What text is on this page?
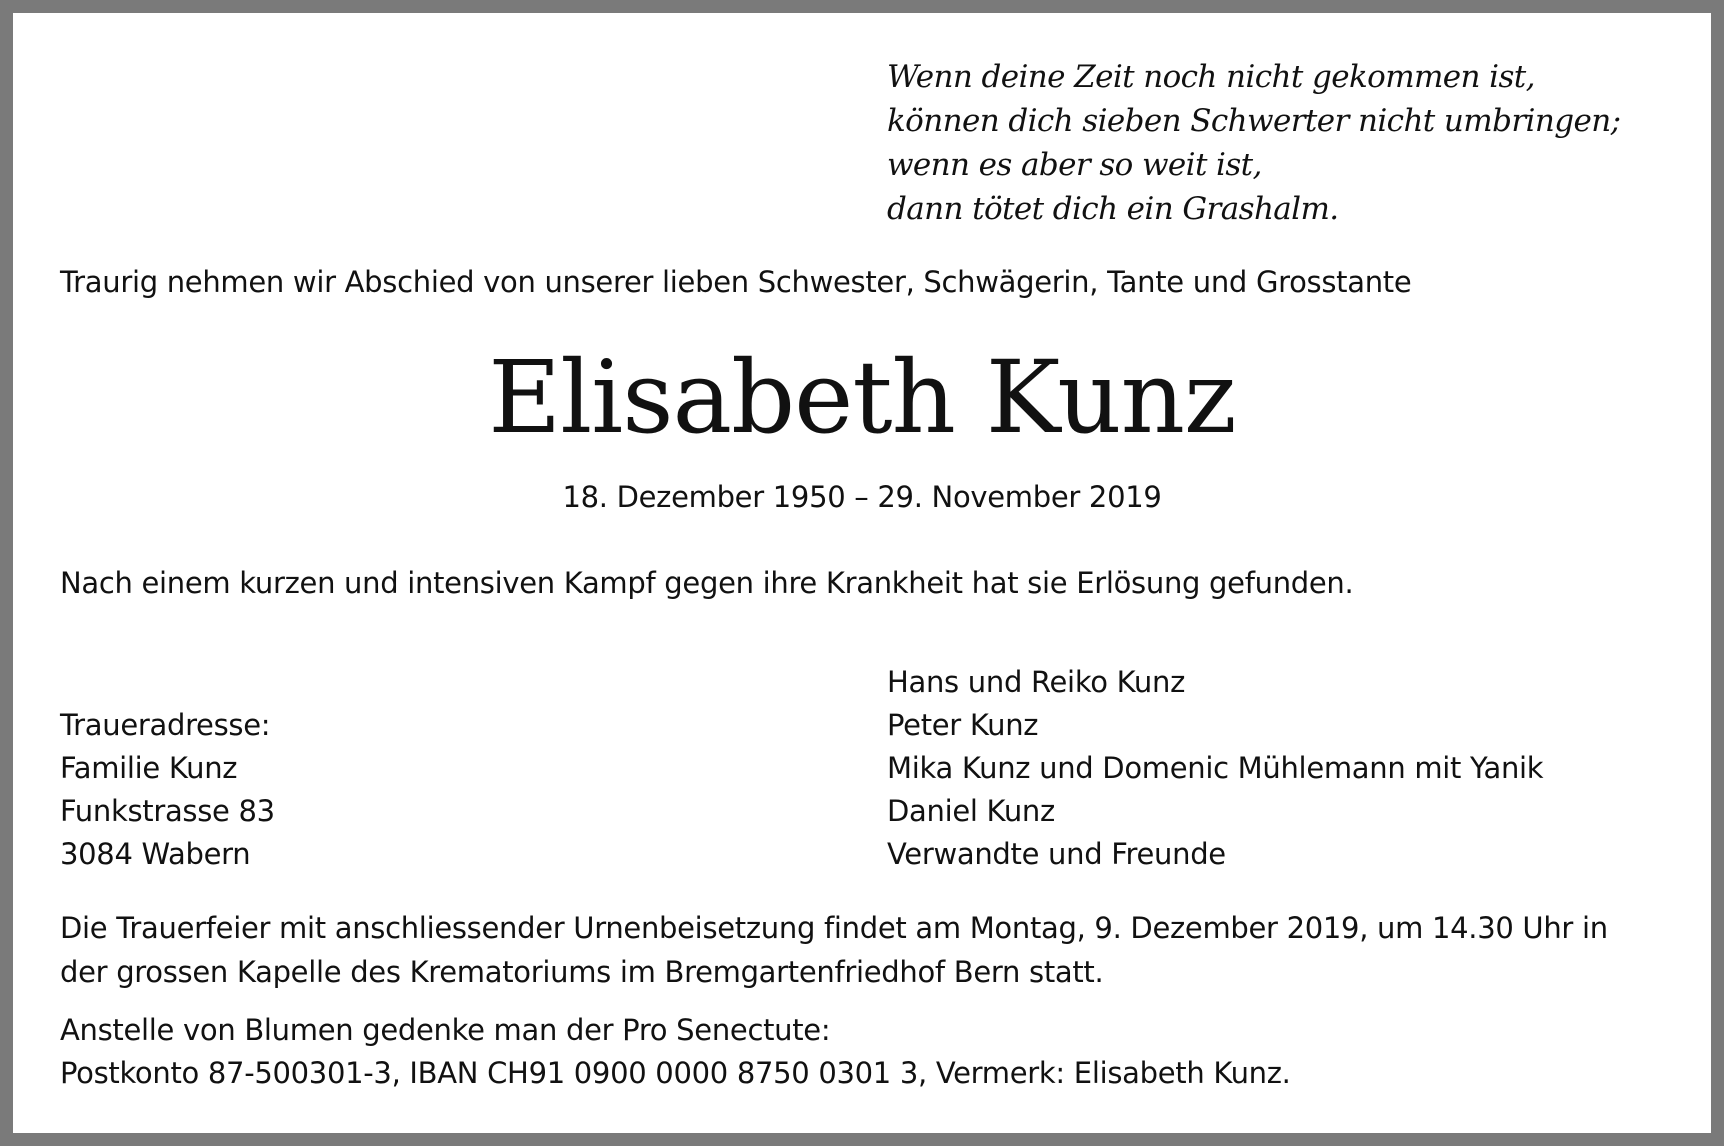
Wenn deine Zeit noch nicht gekommen ist,
können dich sieben Schwerter nicht umbringen;
wenn es aber so weit ist,
dann tötet dich ein Grashalm.
Traurig nehmen wir Abschied von unserer lieben Schwester, Schwägerin, Tante und Grosstante
Elisabeth Kunz
18. Dezember 1950 – 29. November 2019
Nach einem kurzen und intensiven Kampf gegen ihre Krankheit hat sie Erlösung gefunden.
Traueradresse:
Familie Kunz
Funkstrasse 83
3084 Wabern
Hans und Reiko Kunz
Peter Kunz
Mika Kunz und Domenic Mühlemann mit Yanik
Daniel Kunz
Verwandte und Freunde
Die Trauerfeier mit anschliessender Urnenbeisetzung findet am Montag, 9. Dezember 2019, um 14.30 Uhr in
der grossen Kapelle des Krematoriums im Bremgartenfriedhof Bern statt.
Anstelle von Blumen gedenke man der Pro Senectute:
Postkonto 87-500301-3, IBAN CH91 0900 0000 8750 0301 3, Vermerk: Elisabeth Kunz.
